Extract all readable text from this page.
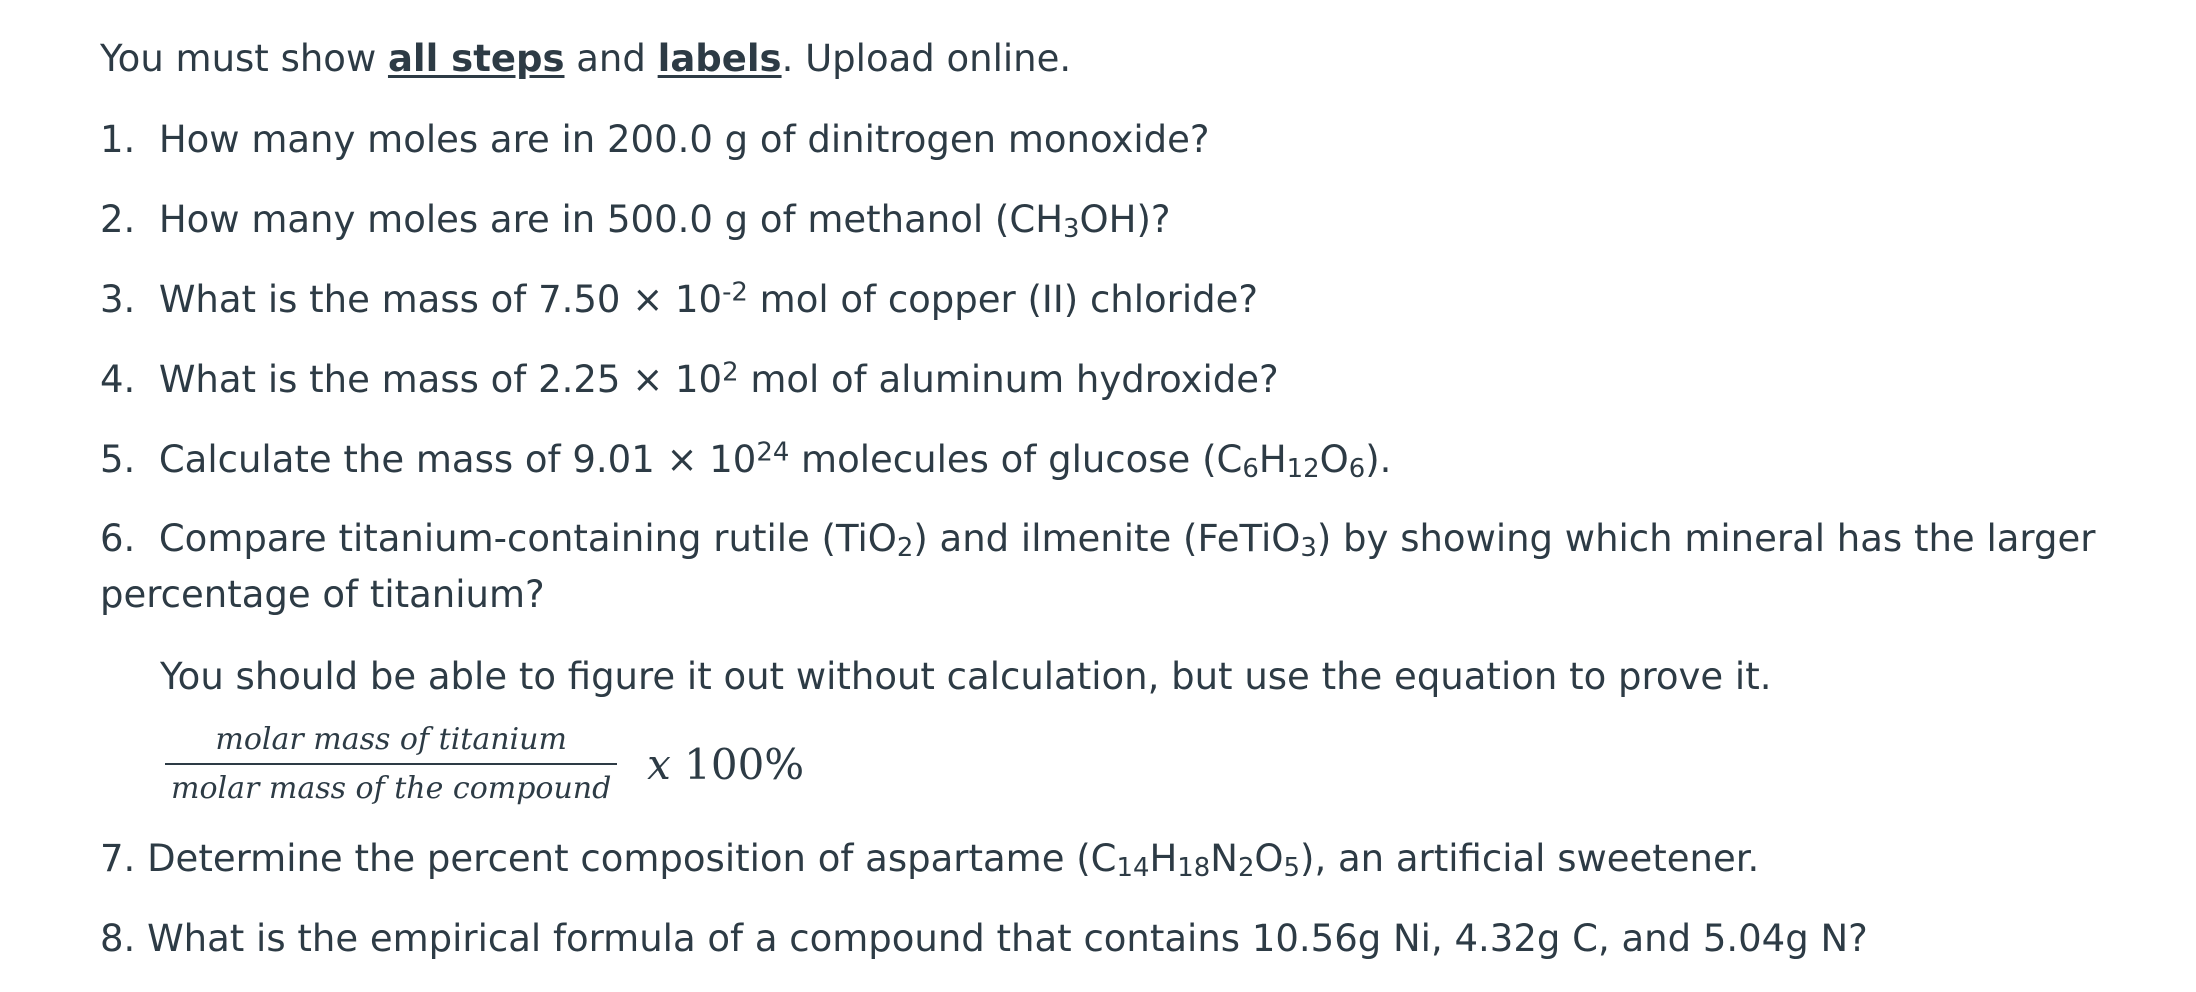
You must show all steps and labels. Upload online.
1. How many moles are in 200.0 g of dinitrogen monoxide?
2. How many moles are in 500.0 g of methanol $(CH_3OH)$?
3. What is the mass of $7.50 \times 10^{-2}$ mol of copper (II) chloride?
4. What is the mass of $2.25 \times 10^2$ mol of aluminum hydroxide?
5. Calculate the mass of $9.01 \times 10^{24}$ molecules of glucose $(C_6H_{12}O_6)$.
6. Compare titanium-containing rutile (TiO$_2$) and ilmenite (FeTiO$_3$) by showing which mineral has the larger percentage of titanium?
You should be able to figure it out without calculation, but use the equation to prove it.
$\frac{\text{molar mass of titanium}}{\text{molar mass of the compound}}$ x 100%
7. Determine the percent composition of aspartame $(C_{14}H_{18}N_2O_5)$, an artificial sweetener.
8. What is the empirical formula of a compound that contains 10.56g Ni, 4.32g C, and 5.04g N?
